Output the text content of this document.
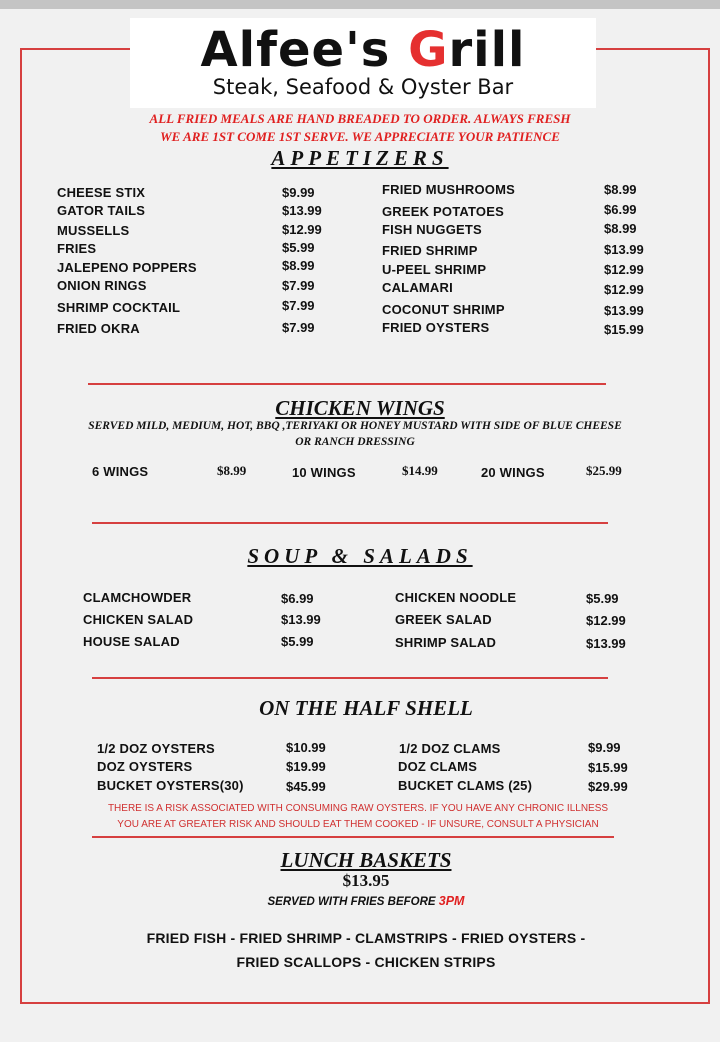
Alfee's Grill
Steak, Seafood & Oyster Bar
ALL FRIED MEALS ARE HAND BREADED TO ORDER. ALWAYS FRESH
WE ARE 1ST COME 1ST SERVE. WE APPRECIATE YOUR PATIENCE
APPETIZERS
CHEESE STIX	$9.99
GATOR TAILS	$13.99
MUSSELLS	$12.99
FRIES	$5.99
JALEPENO POPPERS	$8.99
ONION RINGS	$7.99
SHRIMP COCKTAIL	$7.99
FRIED OKRA	$7.99
FRIED MUSHROOMS	$8.99
GREEK POTATOES	$6.99
FISH NUGGETS	$8.99
FRIED SHRIMP	$13.99
U-PEEL SHRIMP	$12.99
CALAMARI	$12.99
COCONUT SHRIMP	$13.99
FRIED OYSTERS	$15.99
CHICKEN WINGS
SERVED MILD, MEDIUM, HOT, BBQ ,TERIYAKI OR HONEY MUSTARD WITH SIDE OF BLUE CHEESE
OR RANCH DRESSING
6 WINGS	$8.99	10 WINGS	$14.99	20 WINGS	$25.99
SOUP & SALADS
CLAMCHOWDER	$6.99
CHICKEN SALAD	$13.99
HOUSE SALAD	$5.99
CHICKEN NOODLE	$5.99
GREEK SALAD	$12.99
SHRIMP SALAD	$13.99
ON THE HALF SHELL
1/2 DOZ OYSTERS	$10.99
DOZ OYSTERS	$19.99
BUCKET OYSTERS(30)	$45.99
1/2 DOZ CLAMS	$9.99
DOZ CLAMS	$15.99
BUCKET CLAMS (25)	$29.99
THERE IS A RISK ASSOCIATED WITH CONSUMING RAW OYSTERS. IF YOU HAVE ANY CHRONIC ILLNESS
YOU ARE AT GREATER RISK AND SHOULD EAT THEM COOKED - IF UNSURE, CONSULT A PHYSICIAN
LUNCH BASKETS
$13.95
SERVED WITH FRIES BEFORE 3PM
FRIED FISH - FRIED SHRIMP - CLAMSTRIPS - FRIED OYSTERS -
FRIED SCALLOPS - CHICKEN STRIPS
